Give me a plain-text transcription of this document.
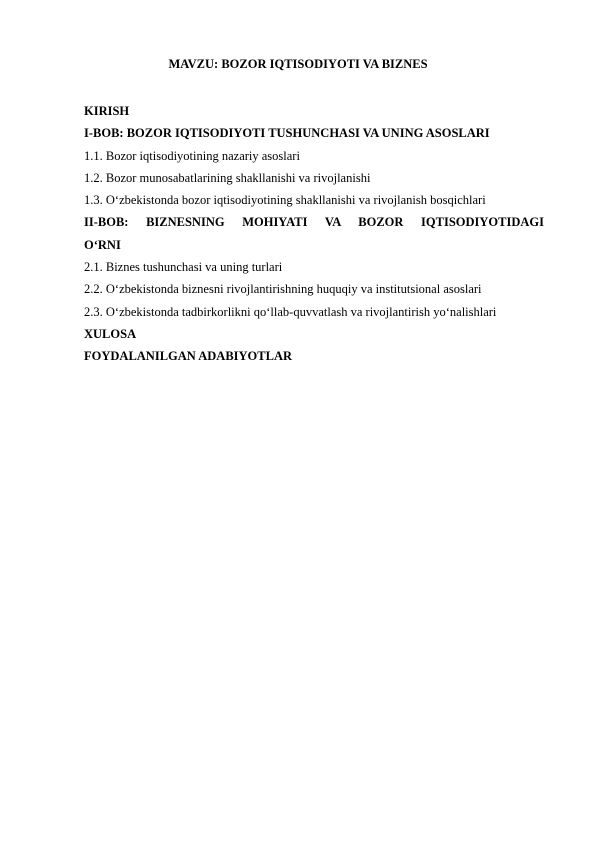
MAVZU: BOZOR IQTISODIYOTI VA BIZNES
KIRISH
I-BOB: BOZOR IQTISODIYOTI TUSHUNCHASI VA UNING ASOSLARI
1.1. Bozor iqtisodiyotining nazariy asoslari
1.2. Bozor munosabatlarining shakllanishi va rivojlanishi
1.3. O‘zbekistonda bozor iqtisodiyotining shakllanishi va rivojlanish bosqichlari
II-BOB: BIZNESNING MOHIYATI VA BOZOR IQTISODIYOTIDAGI
O‘RNI
2.1. Biznes tushunchasi va uning turlari
2.2. O‘zbekistonda biznesni rivojlantirishning huquqiy va institutsional asoslari
2.3. O‘zbekistonda tadbirkorlikni qo‘llab-quvvatlash va rivojlantirish yo‘nalishlari
XULOSA
FOYDALANILGAN ADABIYOTLAR
